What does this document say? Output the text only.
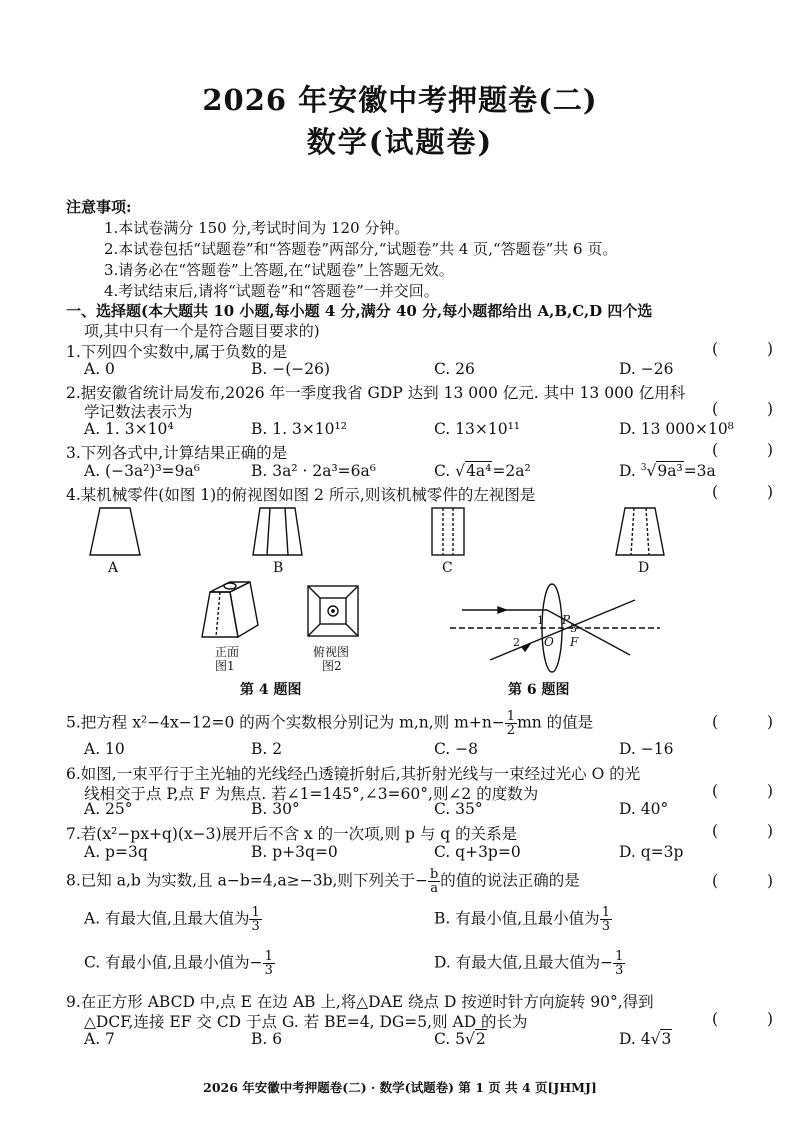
2026 年安徽中考押题卷(二)
数学(试题卷)
注意事项:
1.本试卷满分 150 分,考试时间为 120 分钟。
2.本试卷包括“试题卷”和“答题卷”两部分,“试题卷”共 4 页,“答题卷”共 6 页。
3.请务必在“答题卷”上答题,在“试题卷”上答题无效。
4.考试结束后,请将“试题卷”和“答题卷”一并交回。
一、选择题(本大题共 10 小题,每小题 4 分,满分 40 分,每小题都给出 A,B,C,D 四个选
项,其中只有一个是符合题目要求的)
1.下列四个实数中,属于负数的是	( )
A. 0	B. −(−26)	C. 26	D. −26
2.据安徽省统计局发布,2026 年一季度我省 GDP 达到 13 000 亿元. 其中 13 000 亿用科
学记数法表示为	( )
A. 1. 3×10⁴	B. 1. 3×10¹²	C. 13×10¹¹	D. 13 000×10⁸
3.下列各式中,计算结果正确的是	( )
A. (−3a²)³=9a⁶	B. 3a² · 2a³=6a⁶	C. √4a⁴=2a²	D. $^3$√9a³=3a
4.某机械零件(如图 1)的俯视图如图 2 所示,则该机械零件的左视图是	( )
A	B	C	D
正面
图1
俯视图
图2
第 4 题图	第 6 题图
1
2
3
P
O F
5.把方程 x²−4x−12=0 的两个实数根分别记为 m,n,则 $m+n- \frac{1}{2}$ mn 的值是	( )
A. 10	B. 2	C. −8	D. −16
6.如图,一束平行于主光轴的光线经凸透镜折射后,其折射光线与一束经过光心 O 的光
线相交于点 P,点 F 为焦点. 若∠1=145°,∠3=60°,则∠2 的度数为	( )
A. 25°	B. 30°	C. 35°	D. 40°
7.若(x²−px+q)(x−3)展开后不含 x 的一次项,则 p 与 q 的关系是	( )
A. p=3q	B. p+3q=0	C. q+3p=0	D. q=3p
8.已知 a,b 为实数,且 a−b=4,a≥−3b,则下列关于− $\frac{b}{a}$ 的值的说法正确的是	( )
A. 有最大值,且最大值为 $\frac{1}{3}$	B. 有最小值,且最小值为 $\frac{1}{3}$
C. 有最小值,且最小值为− $\frac{1}{3}$	D. 有最大值,且最大值为− $\frac{1}{3}$
9.在正方形 ABCD 中,点 E 在边 AB 上,将△DAE 绕点 D 按逆时针方向旋转 90°,得到
△DCF,连接 EF 交 CD 于点 G. 若 BE=4, DG=5,则 AD 的长为	( )
A. 7	B. 6	C. 5√2	D. 4√3
2026 年安徽中考押题卷(二) · 数学(试题卷) 第 1 页 共 4 页[JHMJ]
